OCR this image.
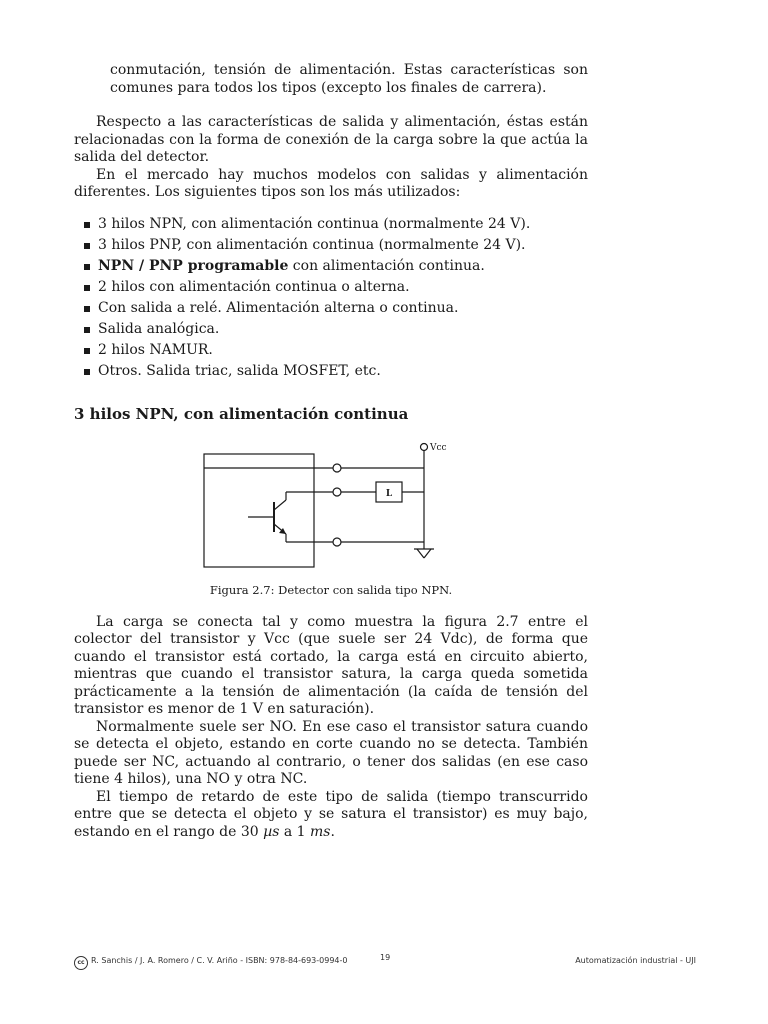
conmutación, tensión de alimentación. Estas características son comunes para todos los tipos (excepto los finales de carrera).

Respecto a las características de salida y alimentación, éstas están relacionadas con la forma de conexión de la carga sobre la que actúa la salida del detector.

En el mercado hay muchos modelos con salidas y alimentación diferentes. Los siguientes tipos son los más utilizados:

3 hilos NPN, con alimentación continua (normalmente 24 V).
3 hilos PNP, con alimentación continua (normalmente 24 V).
NPN / PNP programable con alimentación continua.
2 hilos con alimentación continua o alterna.
Con salida a relé. Alimentación alterna o continua.
Salida analógica.
2 hilos NAMUR.
Otros. Salida triac, salida MOSFET, etc.
3 hilos NPN, con alimentación continua
Vcc
L
Figura 2.7: Detector con salida tipo NPN.

La carga se conecta tal y como muestra la figura 2.7 entre el colector del transistor y Vcc (que suele ser 24 Vdc), de forma que cuando el transistor está cortado, la carga está en circuito abierto, mientras que cuando el transistor satura, la carga queda sometida prácticamente a la tensión de alimentación (la caída de tensión del transistor es menor de 1 V en saturación).

Normalmente suele ser NO. En ese caso el transistor satura cuando se detecta el objeto, estando en corte cuando no se detecta. También puede ser NC, actuando al contrario, o tener dos salidas (en ese caso tiene 4 hilos), una NO y otra NC.

El tiempo de retardo de este tipo de salida (tiempo transcurrido entre que se detecta el objeto y se satura el transistor) es muy bajo, estando en el rango de 30 µs a 1 ms.

cc R. Sanchis / J. A. Romero / C. V. Ariño - ISBN: 978-84-693-0994-0	19	Automatización industrial - UJI
